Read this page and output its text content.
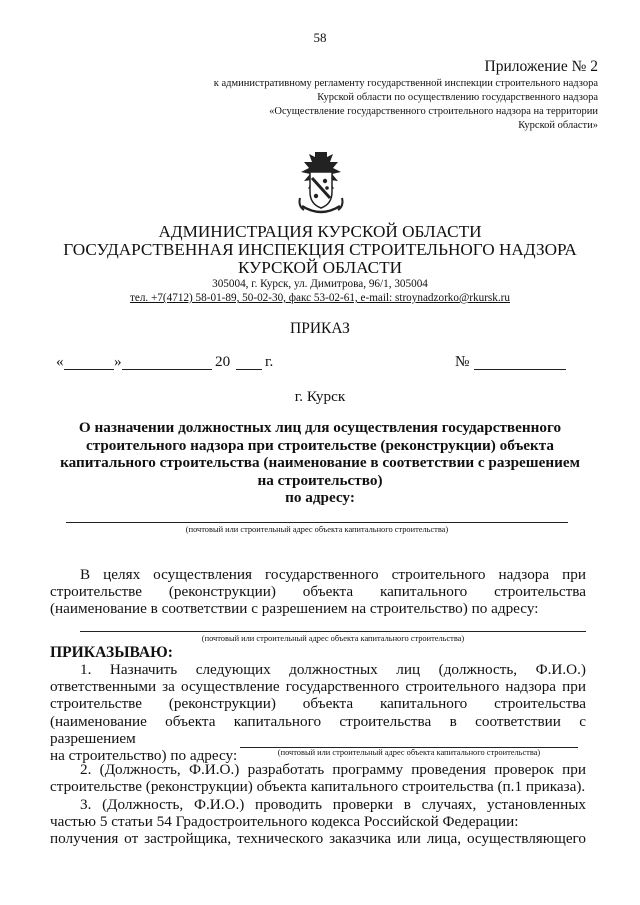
58
Приложение № 2
к административному регламенту государственной инспекции строительного надзора
Курской области по осуществлению государственного надзора
«Осуществление государственного строительного надзора на территории
Курской области»
АДМИНИСТРАЦИЯ КУРСКОЙ ОБЛАСТИ
ГОСУДАРСТВЕННАЯ ИНСПЕКЦИЯ СТРОИТЕЛЬНОГО НАДЗОРА
КУРСКОЙ ОБЛАСТИ
305004, г. Курск, ул. Димитрова, 96/1, 305004
тел. +7(4712) 58-01-89, 50-02-30, факс 53-02-61, e-mail: stroynadzorko@rkursk.ru
ПРИКАЗ
«	»	20 г.	№
г. Курск
О назначении должностных лиц для осуществления государственного
строительного надзора при строительстве (реконструкции) объекта
капитального строительства (наименование в соответствии с разрешением
на строительство)
по адресу:
(почтовый или строительный адрес объекта капитального строительства)
В целях осуществления государственного строительного надзора при
строительстве (реконструкции) объекта капитального строительства
(наименование в соответствии с разрешением на строительство) по адресу:
(почтовый или строительный адрес объекта капитального строительства)
ПРИКАЗЫВАЮ:
1. Назначить следующих должностных лиц (должность, Ф.И.О.)
ответственными за осуществление государственного строительного надзора при
строительстве (реконструкции) объекта капитального строительства
(наименование объекта капитального строительства в соответствии с разрешением
на строительство) по адресу:	(почтовый или строительный адрес объекта капитального строительства)
2. (Должность, Ф.И.О.) разработать программу проведения проверок при
строительстве (реконструкции) объекта капитального строительства (п.1 приказа).
3. (Должность, Ф.И.О.) проводить проверки в случаях, установленных
частью 5 статьи 54 Градостроительного кодекса Российской Федерации:
получения от застройщика, технического заказчика или лица, осуществляющего
